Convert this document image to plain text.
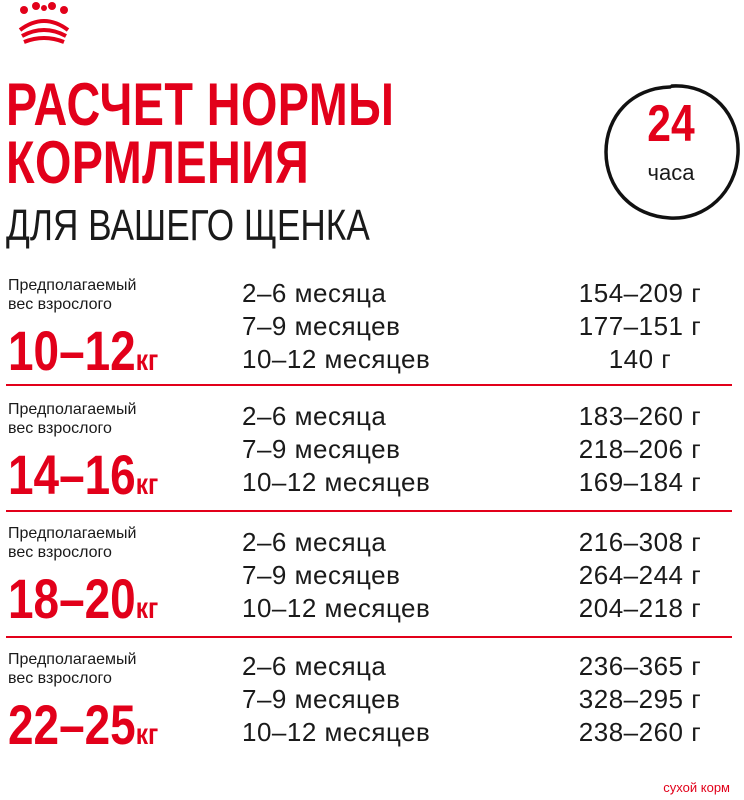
РАСЧЕТ НОРМЫ
КОРМЛЕНИЯ
ДЛЯ ВАШЕГО ЩЕНКА
24
часа
Предполагаемый
вес взрослого
10–12кг
2–6 месяца	154–209 г
7–9 месяцев	177–151 г
10–12 месяцев	140 г
Предполагаемый
вес взрослого
14–16кг
2–6 месяца	183–260 г
7–9 месяцев	218–206 г
10–12 месяцев	169–184 г
Предполагаемый
вес взрослого
18–20кг
2–6 месяца	216–308 г
7–9 месяцев	264–244 г
10–12 месяцев	204–218 г
Предполагаемый
вес взрослого
22–25кг
2–6 месяца	236–365 г
7–9 месяцев	328–295 г
10–12 месяцев	238–260 г
сухой корм
